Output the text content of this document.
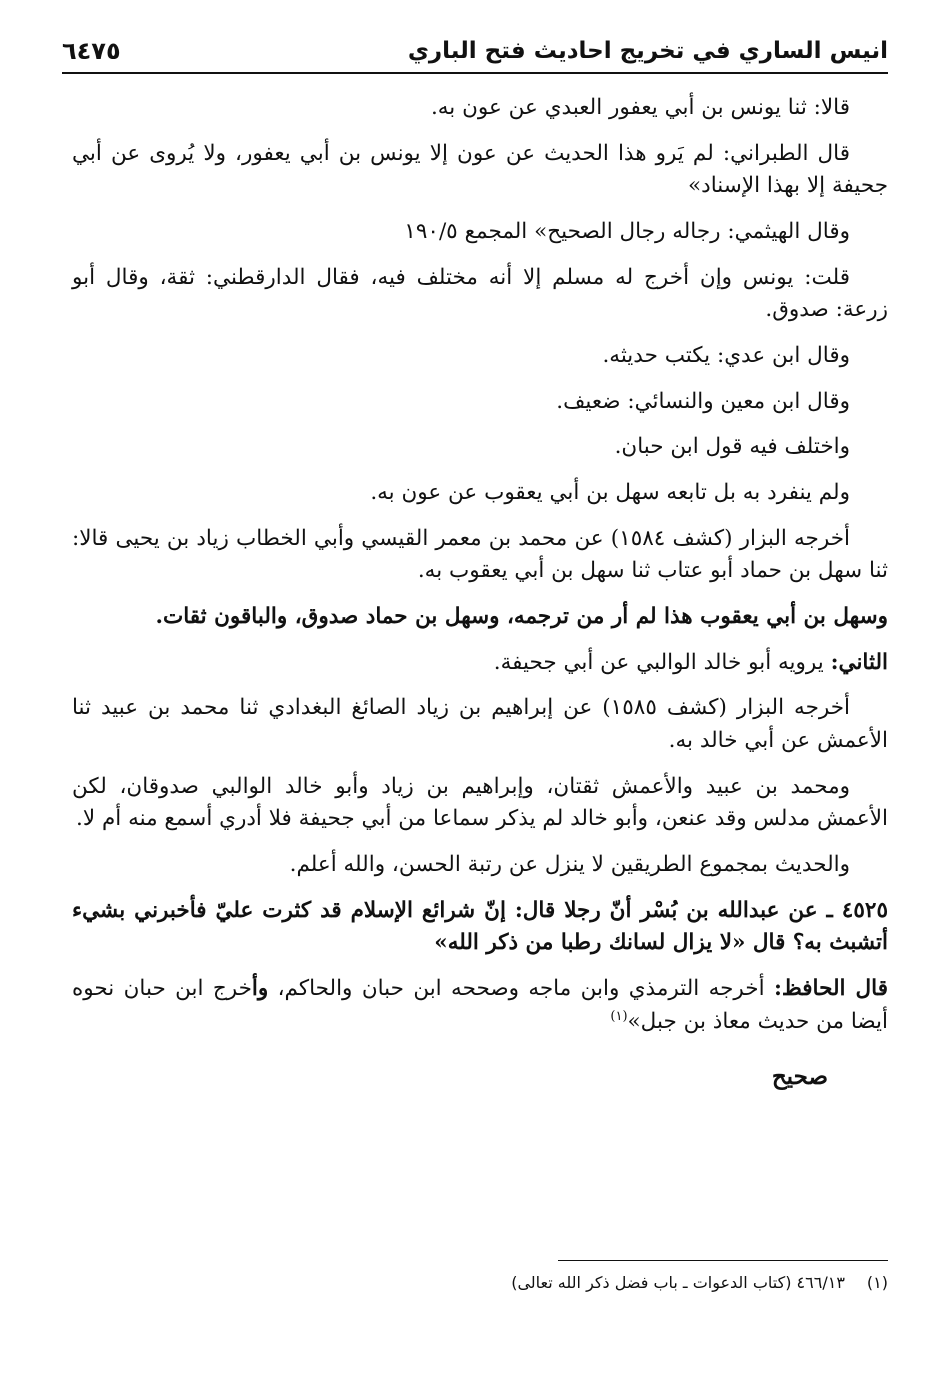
انيس الساري في تخريج احاديث فتح الباري
٦٤٧٥

قالا: ثنا يونس بن أبي يعفور العبدي عن عون به.

قال الطبراني: لم يَرو هذا الحديث عن عون إلا يونس بن أبي يعفور، ولا يُروى عن أبي جحيفة إلا بهذا الإسناد»

وقال الهيثمي: رجاله رجال الصحيح» المجمع ١٩٠/٥

قلت: يونس وإن أخرج له مسلم إلا أنه مختلف فيه، فقال الدارقطني: ثقة، وقال أبو زرعة: صدوق.

وقال ابن عدي: يكتب حديثه.

وقال ابن معين والنسائي: ضعيف.

واختلف فيه قول ابن حبان.

ولم ينفرد به بل تابعه سهل بن أبي يعقوب عن عون به.

أخرجه البزار (كشف ١٥٨٤) عن محمد بن معمر القيسي وأبي الخطاب زياد بن يحيى قالا: ثنا سهل بن حماد أبو عتاب ثنا سهل بن أبي يعقوب به.

وسهل بن أبي يعقوب هذا لم أر من ترجمه، وسهل بن حماد صدوق، والباقون ثقات.

الثاني: يرويه أبو خالد الوالبي عن أبي جحيفة.

أخرجه البزار (كشف ١٥٨٥) عن إبراهيم بن زياد الصائغ البغدادي ثنا محمد بن عبيد ثنا الأعمش عن أبي خالد به.

ومحمد بن عبيد والأعمش ثقتان، وإبراهيم بن زياد وأبو خالد الوالبي صدوقان، لكن الأعمش مدلس وقد عنعن، وأبو خالد لم يذكر سماعا من أبي جحيفة فلا أدري أسمع منه أم لا.

والحديث بمجموع الطريقين لا ينزل عن رتبة الحسن، والله أعلم.

٤٥٢٥ ـ عن عبدالله بن بُسْر أنّ رجلا قال: إنّ شرائع الإسلام قد كثرت عليّ فأخبرني بشيء أتشبث به؟ قال «لا يزال لسانك رطبا من ذكر الله»

قال الحافظ: أخرجه الترمذي وابن ماجه وصححه ابن حبان والحاكم، وأخرج ابن حبان نحوه أيضا من حديث معاذ بن جبل»$^{(١)}$

صحيح

(١)٤٦٦/١٣ (كتاب الدعوات ـ باب فضل ذكر الله تعالى)
